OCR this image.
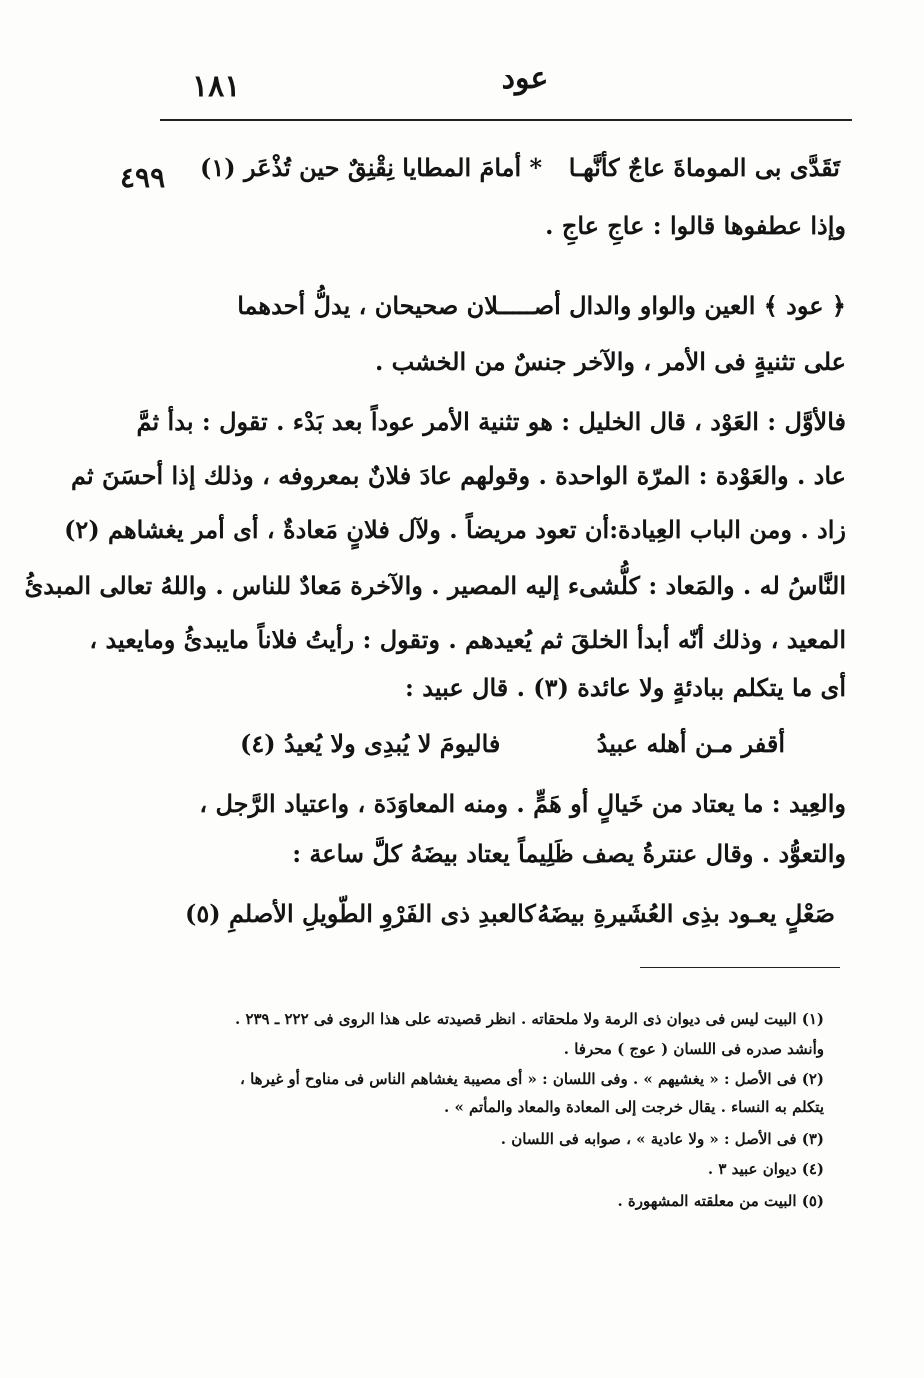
عود
١٨١
٤٩٩	تَقَدَّى بى الموماةَ عاجٌ كأنَّهـا
* أمامَ المطايا نِقْنِقٌ حين تُذْعَر (١)
وإذا عطفوها قالوا : عاجِ عاجِ .
﴿ عود ﴾ العين والواو والدال أصـــــلان صحيحان ، يدلُّ أحدهما
على تثنيةٍ فى الأمر ، والآخر جنسٌ من الخشب .
فالأوَّل : العَوْد ، قال الخليل : هو تثنية الأمر عوداً بعد بَدْء . تقول : بدأ ثمَّ
عاد . والعَوْدة : المرّة الواحدة . وقولهم عادَ فلانٌ بمعروفه ، وذلك إذا أحسَنَ ثم
زاد . ومن الباب العِيادة:أن تعود مريضاً . ولآل فلانٍ مَعادةٌ ، أى أمر يغشاهم (٢)
النَّاسُ له . والمَعاد : كلُّشىء إليه المصير . والآخرة مَعادٌ للناس . واللهُ تعالى المبدئُ
المعيد ، وذلك أنّه أبدأ الخلقَ ثم يُعيدهم . وتقول : رأيتُ فلاناً مايبدئُ ومايعيد ،
أى ما يتكلم ببادئةٍ ولا عائدة (٣) . قال عبيد :
أقفر مـن أهله عبيدُ
فاليومَ لا يُبدِى ولا يُعيدُ (٤)
والعِيد : ما يعتاد من خَيالٍ أو هَمٍّ . ومنه المعاوَدَة ، واعتياد الرَّجل ،
والتعوُّد . وقال عنترةُ يصف ظَلِيماً يعتاد بيضَهُ كلَّ ساعة :
صَعْلٍ يعـود بذِى العُشَيرةِ بيضَهُ
كالعبدِ ذى الفَرْوِ الطّويلِ الأصلمِ (٥)
(١) البيت ليس فى ديوان ذى الرمة ولا ملحقاته . انظر قصيدته على هذا الروى فى ٢٢٢ ـ ٢٣٩ .
وأنشد صدره فى اللسان ( عوج ) محرفا .
(٢) فى الأصل : « يغشيهم » . وفى اللسان : « أى مصيبة يغشاهم الناس فى مناوح أو غيرها ،
يتكلم به النساء . يقال خرجت إلى المعادة والمعاد والمأتم » .
(٣) فى الأصل : « ولا عادية » ، صوابه فى اللسان .
(٤) ديوان عبيد ٣ .
(٥) البيت من معلقته المشهورة .
